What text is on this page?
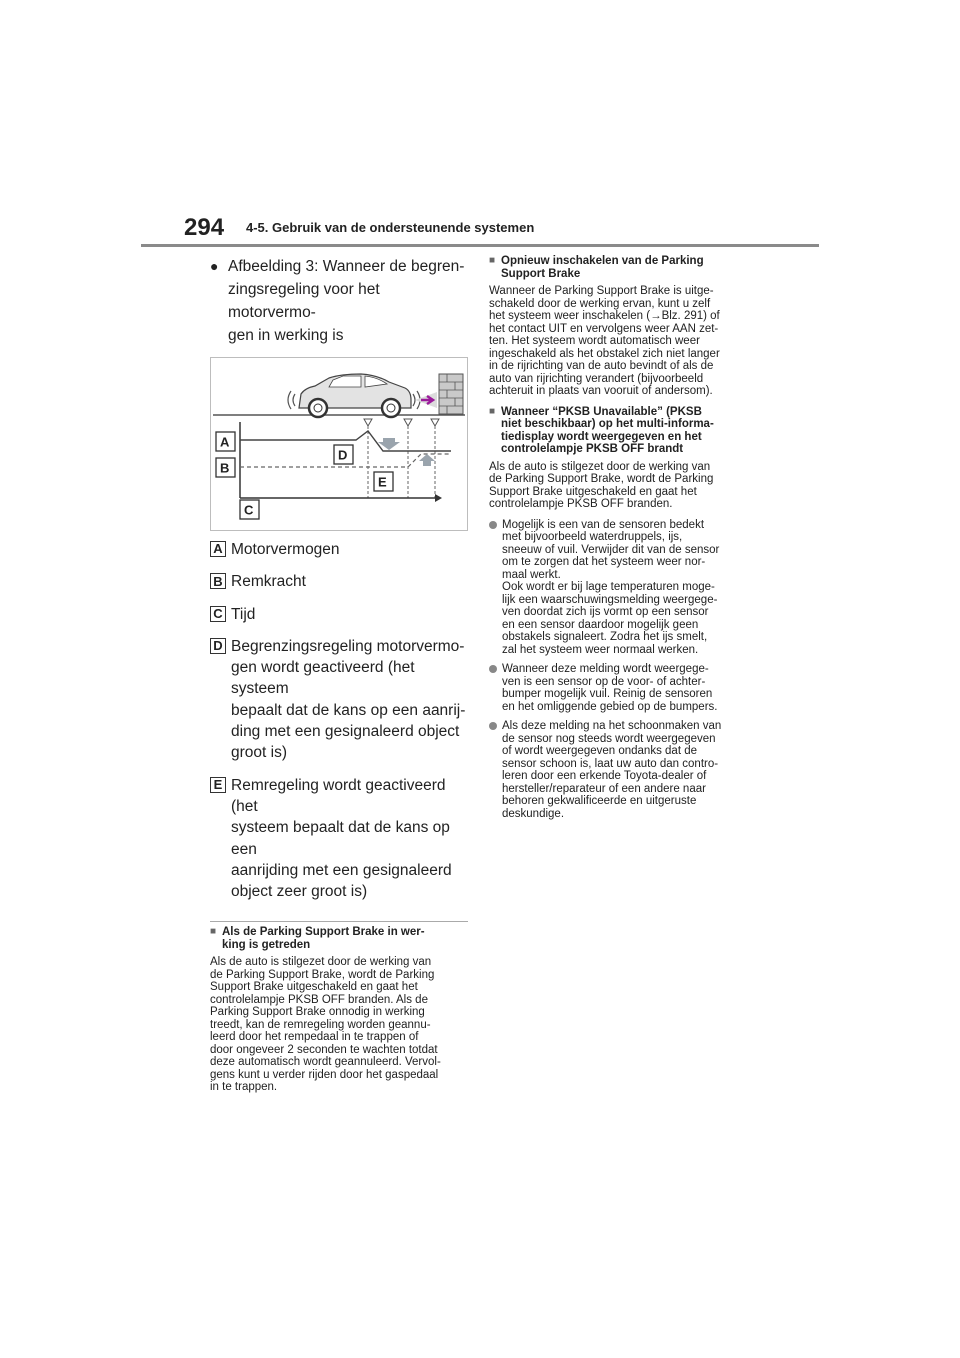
294 4-5. Gebruik van de ondersteunende systemen
● Afbeelding 3: Wanneer de begren-
zingsregeling voor het motorvermo-
gen in werking is
A
B
C
D
E
A Motorvermogen
B Remkracht
C Tijd
D Begrenzingsregeling motorvermo-
gen wordt geactiveerd (het systeem
bepaalt dat de kans op een aanrij-
ding met een gesignaleerd object
groot is)
E Remregeling wordt geactiveerd (het
systeem bepaalt dat de kans op een
aanrijding met een gesignaleerd
object zeer groot is)
■ Als de Parking Support Brake in wer-
king is getreden
Als de auto is stilgezet door de werking van
de Parking Support Brake, wordt de Parking
Support Brake uitgeschakeld en gaat het
controlelampje PKSB OFF branden. Als de
Parking Support Brake onnodig in werking
treedt, kan de remregeling worden geannu-
leerd door het rempedaal in te trappen of
door ongeveer 2 seconden te wachten totdat
deze automatisch wordt geannuleerd. Vervol-
gens kunt u verder rijden door het gaspedaal
in te trappen.
■ Opnieuw inschakelen van de Parking
Support Brake
Wanneer de Parking Support Brake is uitge-
schakeld door de werking ervan, kunt u zelf
het systeem weer inschakelen (→Blz. 291) of
het contact UIT en vervolgens weer AAN zet-
ten. Het systeem wordt automatisch weer
ingeschakeld als het obstakel zich niet langer
in de rijrichting van de auto bevindt of als de
auto van rijrichting verandert (bijvoorbeeld
achteruit in plaats van vooruit of andersom).
■ Wanneer “PKSB Unavailable” (PKSB
niet beschikbaar) op het multi-informa-
tiedisplay wordt weergegeven en het
controlelampje PKSB OFF brandt
Als de auto is stilgezet door de werking van
de Parking Support Brake, wordt de Parking
Support Brake uitgeschakeld en gaat het
controlelampje PKSB OFF branden.
Mogelijk is een van de sensoren bedekt
met bijvoorbeeld waterdruppels, ijs,
sneeuw of vuil. Verwijder dit van de sensor
om te zorgen dat het systeem weer nor-
maal werkt.
Ook wordt er bij lage temperaturen moge-
lijk een waarschuwingsmelding weergege-
ven doordat zich ijs vormt op een sensor
en een sensor daardoor mogelijk geen
obstakels signaleert. Zodra het ijs smelt,
zal het systeem weer normaal werken.
Wanneer deze melding wordt weergege-
ven is een sensor op de voor- of achter-
bumper mogelijk vuil. Reinig de sensoren
en het omliggende gebied op de bumpers.
Als deze melding na het schoonmaken van
de sensor nog steeds wordt weergegeven
of wordt weergegeven ondanks dat de
sensor schoon is, laat uw auto dan contro-
leren door een erkende Toyota-dealer of
hersteller/reparateur of een andere naar
behoren gekwalificeerde en uitgeruste
deskundige.
